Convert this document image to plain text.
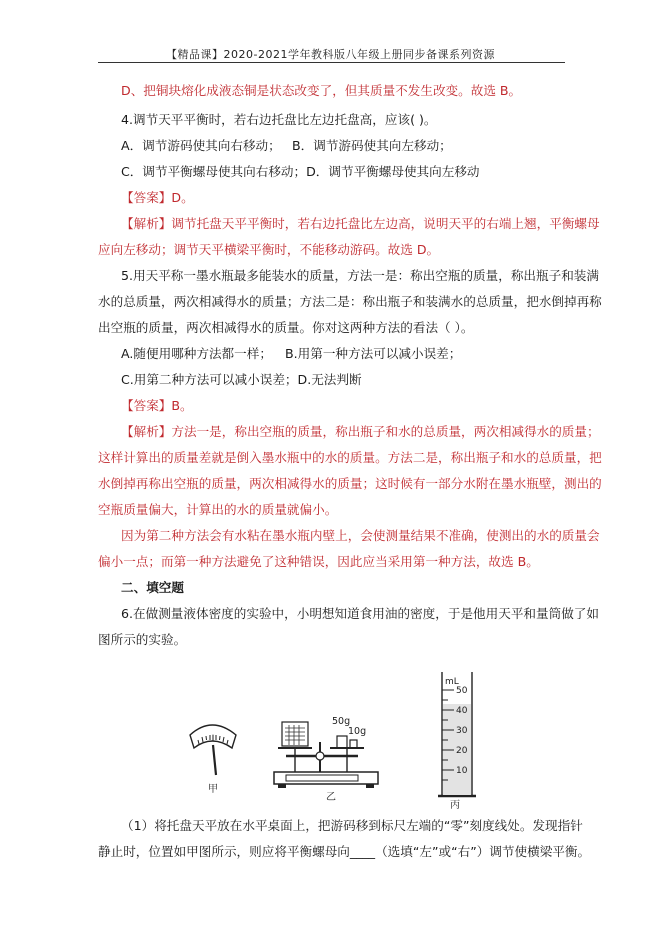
【精品课】2020-2021学年教科版八年级上册同步备课系列资源
D、把铜块熔化成液态铜是状态改变了，但其质量不发生改变。故选 B。
4.调节天平平衡时，若右边托盘比左边托盘高，应该( )。
A．调节游码使其向右移动； B．调节游码使其向左移动；
C．调节平衡螺母使其向右移动；D．调节平衡螺母使其向左移动
【答案】D。
【解析】调节托盘天平平衡时，若右边托盘比左边高，说明天平的右端上翘，平衡螺母
应向左移动；调节天平横梁平衡时，不能移动游码。故选 D。
5.用天平称一墨水瓶最多能装水的质量，方法一是：称出空瓶的质量，称出瓶子和装满
水的总质量，两次相减得水的质量；方法二是：称出瓶子和装满水的总质量，把水倒掉再称
出空瓶的质量，两次相减得水的质量。你对这两种方法的看法（ ）。
A.随便用哪种方法都一样； B.用第一种方法可以减小误差；
C.用第二种方法可以减小误差；D.无法判断
【答案】B。
【解析】方法一是，称出空瓶的质量，称出瓶子和水的总质量，两次相减得水的质量；
这样计算出的质量差就是倒入墨水瓶中的水的质量。方法二是，称出瓶子和水的总质量，把
水倒掉再称出空瓶的质量，两次相减得水的质量；这时候有一部分水附在墨水瓶壁，测出的
空瓶质量偏大，计算出的水的质量就偏小。
因为第二种方法会有水粘在墨水瓶内壁上，会使测量结果不准确，使测出的水的质量会
偏小一点；而第一种方法避免了这种错误，因此应当采用第一种方法，故选 B。
二、填空题
6.在做测量液体密度的实验中，小明想知道食用油的密度，于是他用天平和量筒做了如
图所示的实验。
甲
50g
10g
乙
mL
50
40
30
20
10
丙
（1）将托盘天平放在水平桌面上，把游码移到标尺左端的“零”刻度线处。发现指针
静止时，位置如甲图所示，则应将平衡螺母向____（选填“左”或“右”）调节使横梁平衡。
